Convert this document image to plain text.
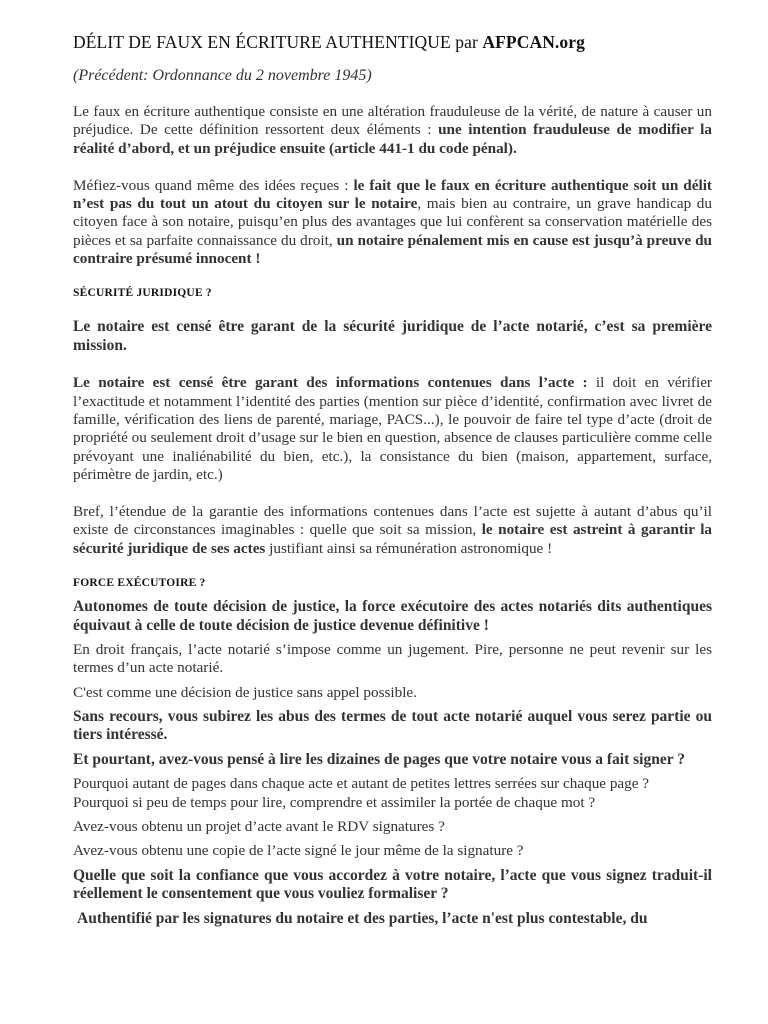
DÉLIT DE FAUX EN ÉCRITURE AUTHENTIQUE par AFPCAN.org
(Précédent: Ordonnance du 2 novembre 1945)

Le faux en écriture authentique consiste en une altération frauduleuse de la vérité, de nature à causer un préjudice. De cette définition ressortent deux éléments : une intention frauduleuse de modifier la réalité d’abord, et un préjudice ensuite (article 441-1 du code pénal).

Méfiez-vous quand même des idées reçues : le fait que le faux en écriture authentique soit un délit n’est pas du tout un atout du citoyen sur le notaire, mais bien au contraire, un grave handicap du citoyen face à son notaire, puisqu’en plus des avantages que lui confèrent sa conservation matérielle des pièces et sa parfaite connaissance du droit, un notaire pénalement mis en cause est jusqu’à preuve du contraire présumé innocent !

SÉCURITÉ JURIDIQUE ?

Le notaire est censé être garant de la sécurité juridique de l’acte notarié, c’est sa première mission.

Le notaire est censé être garant des informations contenues dans l’acte : il doit en vérifier l’exactitude et notamment l’identité des parties (mention sur pièce d’identité, confirmation avec livret de famille, vérification des liens de parenté, mariage, PACS...), le pouvoir de faire tel type d’acte (droit de propriété ou seulement droit d’usage sur le bien en question, absence de clauses particulière comme celle prévoyant une inaliénabilité du bien, etc.), la consistance du bien (maison, appartement, surface, périmètre de jardin, etc.)

Bref, l’étendue de la garantie des informations contenues dans l’acte est sujette à autant d’abus qu’il existe de circonstances imaginables : quelle que soit sa mission, le notaire est astreint à garantir la sécurité juridique de ses actes justifiant ainsi sa rémunération astronomique !

FORCE EXÉCUTOIRE ?

Autonomes de toute décision de justice, la force exécutoire des actes notariés dits authentiques équivaut à celle de toute décision de justice devenue définitive !

En droit français, l’acte notarié s’impose comme un jugement. Pire, personne ne peut revenir sur les termes d’un acte notarié.

C'est comme une décision de justice sans appel possible.

Sans recours, vous subirez les abus des termes de tout acte notarié auquel vous serez partie ou tiers intéressé.

Et pourtant, avez-vous pensé à lire les dizaines de pages que votre notaire vous a fait signer ?

Pourquoi autant de pages dans chaque acte et autant de petites lettres serrées sur chaque page ?

Pourquoi si peu de temps pour lire, comprendre et assimiler la portée de chaque mot ?

Avez-vous obtenu un projet d’acte avant le RDV signatures ?

Avez-vous obtenu une copie de l’acte signé le jour même de la signature ?

Quelle que soit la confiance que vous accordez à votre notaire, l’acte que vous signez traduit-il réellement le consentement que vous vouliez formaliser ?

Authentifié par les signatures du notaire et des parties, l’acte n'est plus contestable, du
